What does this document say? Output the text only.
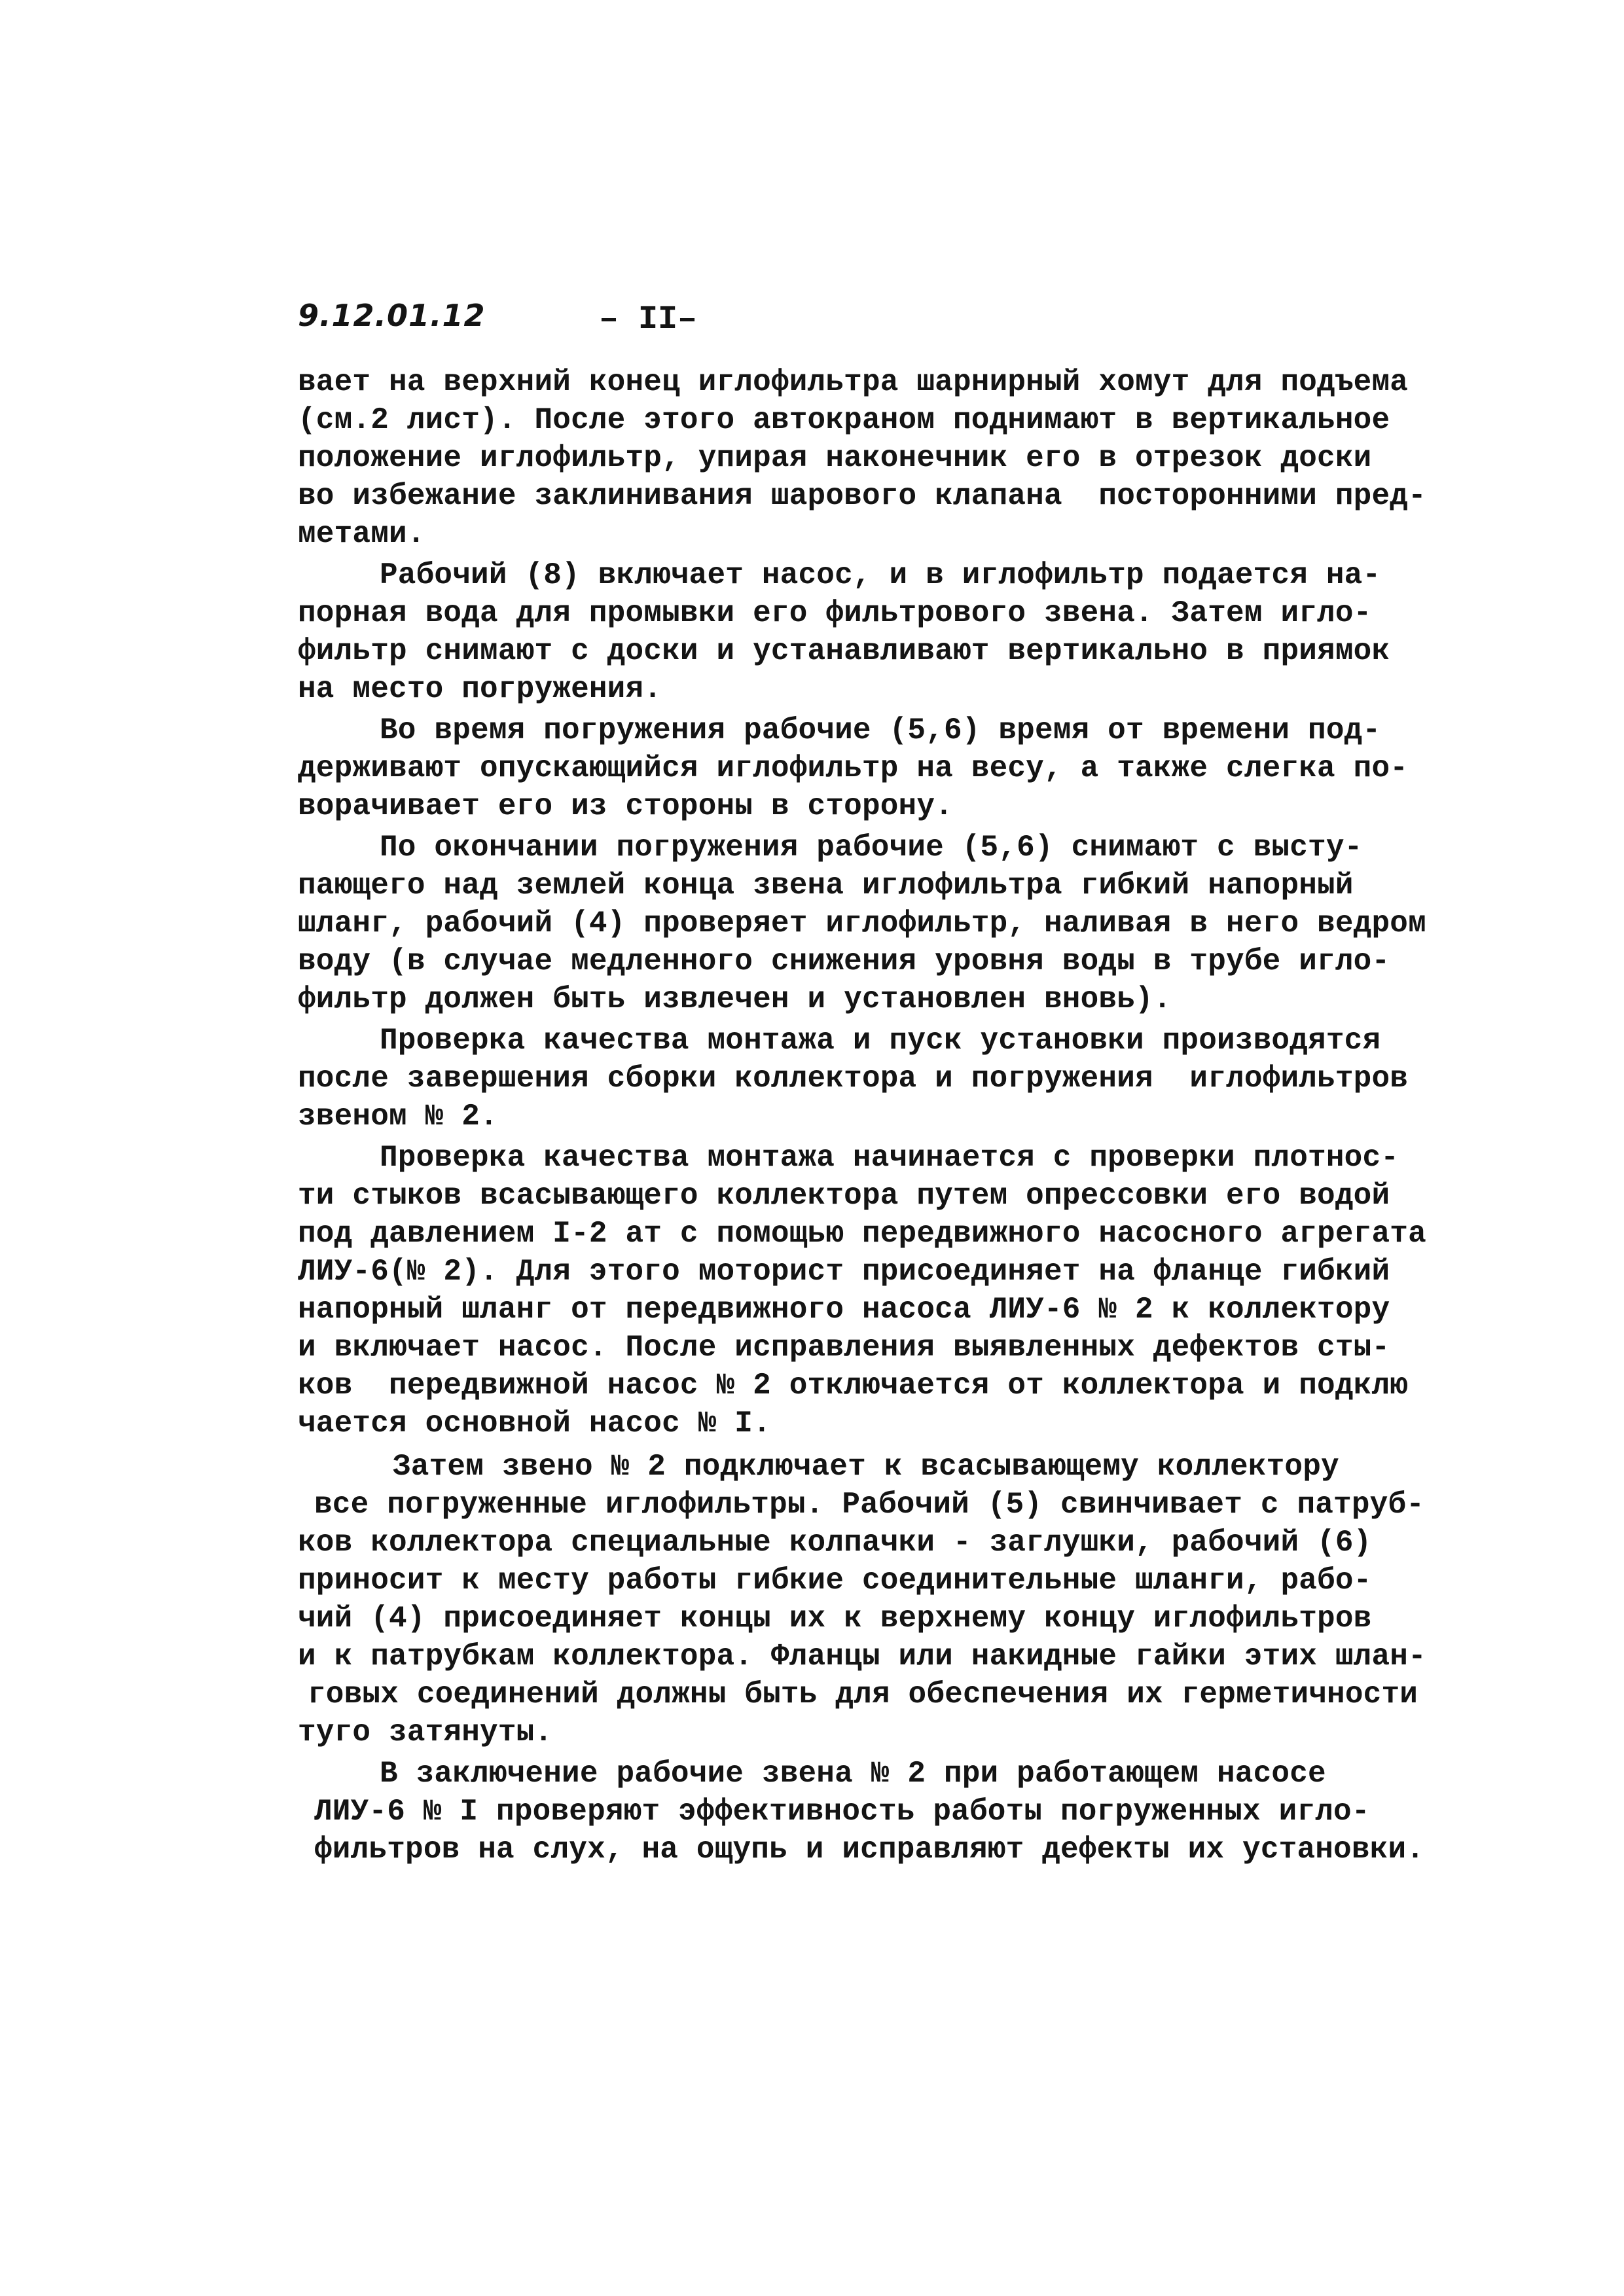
9.12.01.12	– II–
вает на верхний конец иглофильтра шарнирный хомут для подъема
(см.2 лист). После этого автокраном поднимают в вертикальное
положение иглофильтр, упирая наконечник его в отрезок доски
во избежание заклинивания шарового клапана  посторонними пред-
метами.
Рабочий (8) включает насос, и в иглофильтр подается на-
порная вода для промывки его фильтрового звена. Затем игло-
фильтр снимают с доски и устанавливают вертикально в приямок
на место погружения.
Во время погружения рабочие (5,6) время от времени под-
держивают опускающийся иглофильтр на весу, а также слегка по-
ворачивает его из стороны в сторону.
По окончании погружения рабочие (5,6) снимают с высту-
пающего над землей конца звена иглофильтра гибкий напорный
шланг, рабочий (4) проверяет иглофильтр, наливая в него ведром
воду (в случае медленного снижения уровня воды в трубе игло-
фильтр должен быть извлечен и установлен вновь).
Проверка качества монтажа и пуск установки производятся
после завершения сборки коллектора и погружения  иглофильтров
звеном № 2.
Проверка качества монтажа начинается с проверки плотнос-
ти стыков всасывающего коллектора путем опрессовки его водой
под давлением I-2 ат с помощью передвижного насосного агрегата
ЛИУ-6(№ 2). Для этого моторист присоединяет на фланце гибкий
напорный шланг от передвижного насоса ЛИУ-6 № 2 к коллектору
и включает насос. После исправления выявленных дефектов сты-
ков  передвижной насос № 2 отключается от коллектора и подклю
чается основной насос № I.
Затем звено № 2 подключает к всасывающему коллектору
все погруженные иглофильтры. Рабочий (5) свинчивает с патруб-
ков коллектора специальные колпачки - заглушки, рабочий (6)
приносит к месту работы гибкие соединительные шланги, рабо-
чий (4) присоединяет концы их к верхнему концу иглофильтров
и к патрубкам коллектора. Фланцы или накидные гайки этих шлан-
говых соединений должны быть для обеспечения их герметичности
туго затянуты.
В заключение рабочие звена № 2 при работающем насосе
ЛИУ-6 № I проверяют эффективность работы погруженных игло-
фильтров на слух, на ощупь и исправляют дефекты их установки.
